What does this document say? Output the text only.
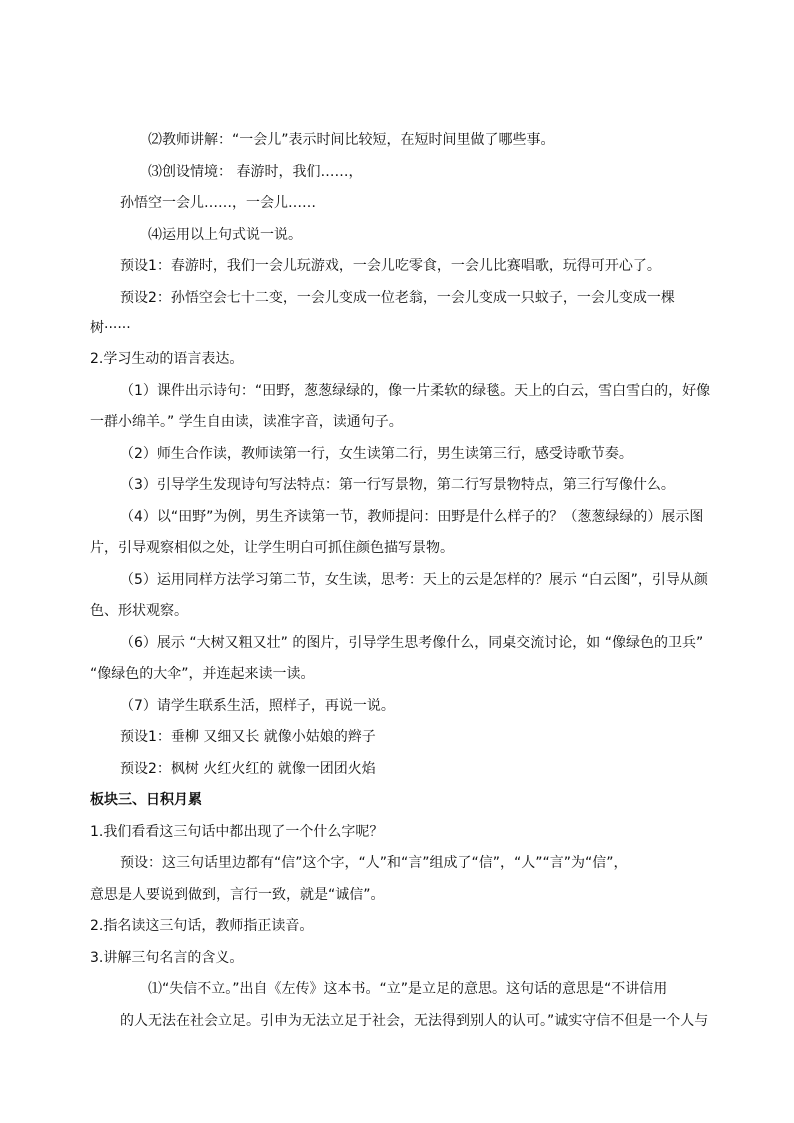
⑵教师讲解：“一会儿”表示时间比较短，在短时间里做了哪些事。
⑶创设情境： 春游时，我们……，
孙悟空一会儿……，一会儿……
⑷运用以上句式说一说。
预设1：春游时，我们一会儿玩游戏，一会儿吃零食，一会儿比赛唱歌，玩得可开心了。
预设2：孙悟空会七十二变，一会儿变成一位老翁，一会儿变成一只蚊子，一会儿变成一棵
树······
2.学习生动的语言表达。
（1）课件出示诗句：“田野，葱葱绿绿的，像一片柔软的绿毯。天上的白云，雪白雪白的，好像
一群小绵羊。” 学生自由读，读准字音，读通句子。
（2）师生合作读，教师读第一行，女生读第二行，男生读第三行，感受诗歌节奏。
（3）引导学生发现诗句写法特点：第一行写景物，第二行写景物特点，第三行写像什么。
（4）以“田野”为例，男生齐读第一节，教师提问：田野是什么样子的？（葱葱绿绿的）展示图
片，引导观察相似之处，让学生明白可抓住颜色描写景物。
（5）运用同样方法学习第二节，女生读，思考：天上的云是怎样的？展示 “白云图”，引导从颜
色、形状观察。
（6）展示 “大树又粗又壮” 的图片，引导学生思考像什么，同桌交流讨论，如 “像绿色的卫兵”
“像绿色的大伞”，并连起来读一读。
（7）请学生联系生活，照样子，再说一说。
预设1：垂柳 又细又长 就像小姑娘的辫子
预设2：枫树 火红火红的 就像一团团火焰
板块三、日积月累
1.我们看看这三句话中都出现了一个什么字呢？
预设：这三句话里边都有“信”这个字，“人”和“言”组成了“信”，“人”“言”为“信”，
意思是人要说到做到，言行一致，就是“诚信”。
2.指名读这三句话，教师指正读音。
3.讲解三句名言的含义。
⑴“失信不立。”出自《左传》这本书。“立”是立足的意思。这句话的意思是“不讲信用
的人无法在社会立足。引申为无法立足于社会，无法得到别人的认可。”诚实守信不但是一个人与
